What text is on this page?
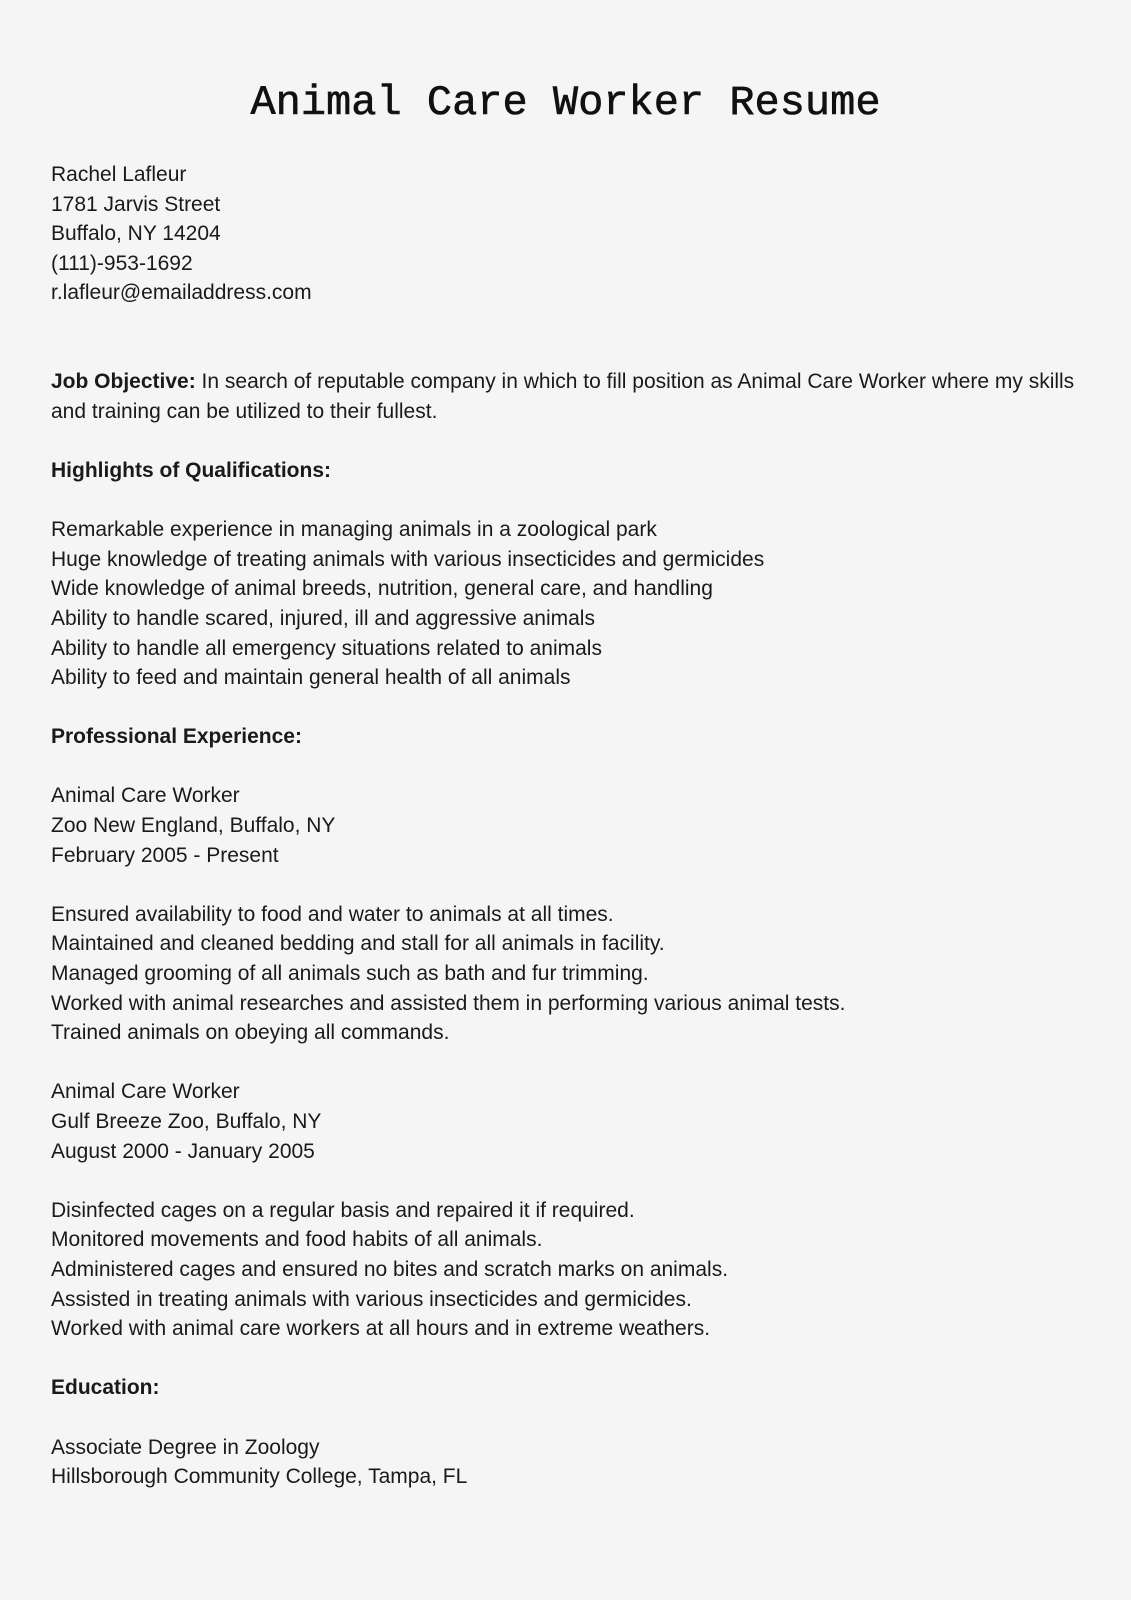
Animal Care Worker Resume
Rachel Lafleur
1781 Jarvis Street
Buffalo, NY 14204
(111)-953-1692
r.lafleur@emailaddress.com
Job Objective: In search of reputable company in which to fill position as Animal Care Worker where my skills and training can be utilized to their fullest.
Highlights of Qualifications:
Remarkable experience in managing animals in a zoological park
Huge knowledge of treating animals with various insecticides and germicides
Wide knowledge of animal breeds, nutrition, general care, and handling
Ability to handle scared, injured, ill and aggressive animals
Ability to handle all emergency situations related to animals
Ability to feed and maintain general health of all animals
Professional Experience:
Animal Care Worker
Zoo New England, Buffalo, NY
February 2005 - Present
Ensured availability to food and water to animals at all times.
Maintained and cleaned bedding and stall for all animals in facility.
Managed grooming of all animals such as bath and fur trimming.
Worked with animal researches and assisted them in performing various animal tests.
Trained animals on obeying all commands.
Animal Care Worker
Gulf Breeze Zoo, Buffalo, NY
August 2000 - January 2005
Disinfected cages on a regular basis and repaired it if required.
Monitored movements and food habits of all animals.
Administered cages and ensured no bites and scratch marks on animals.
Assisted in treating animals with various insecticides and germicides.
Worked with animal care workers at all hours and in extreme weathers.
Education:
Associate Degree in Zoology
Hillsborough Community College, Tampa, FL
